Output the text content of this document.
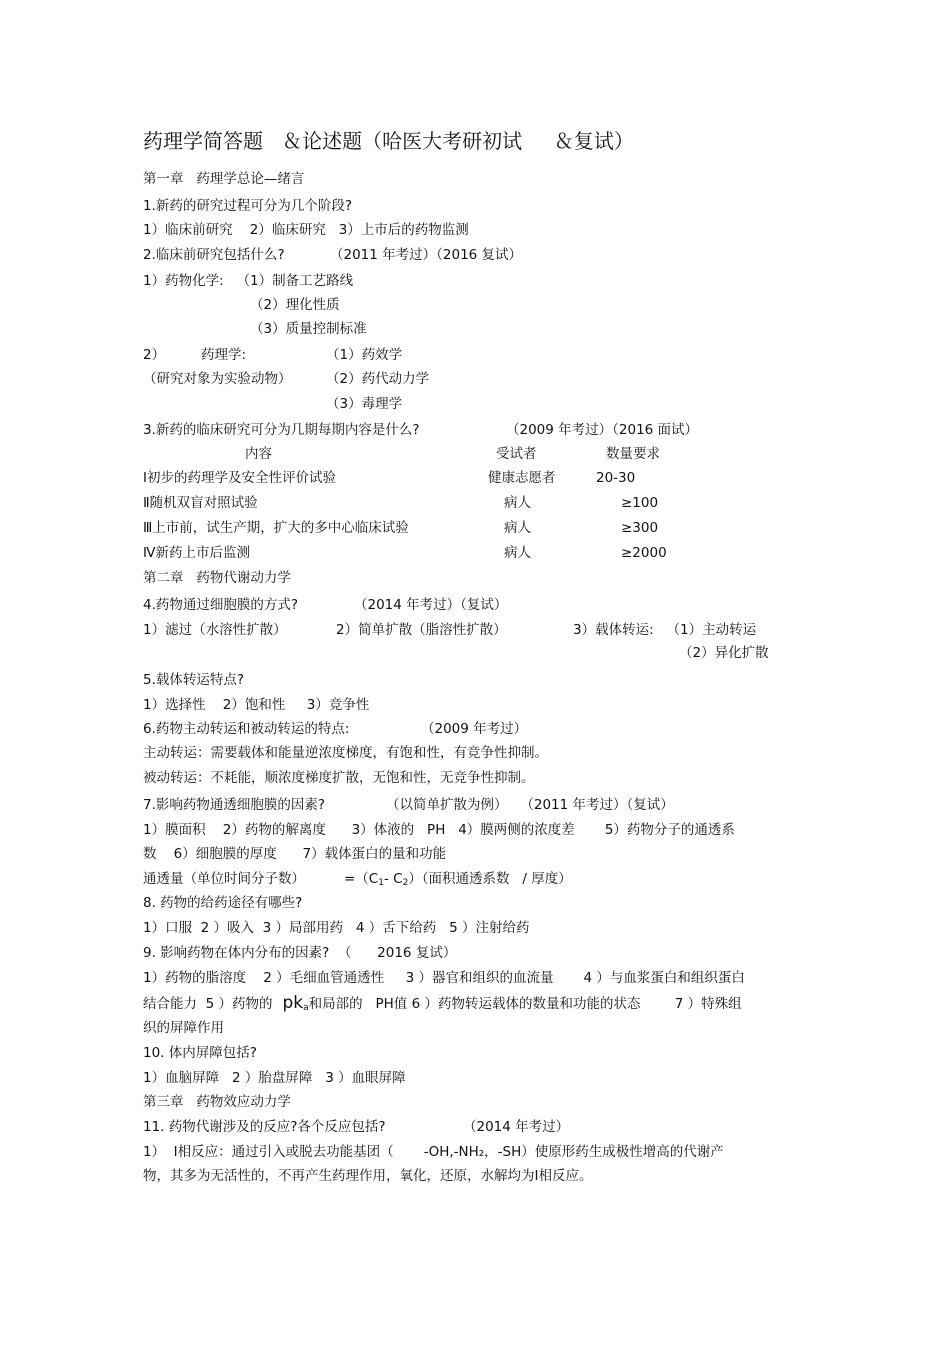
药理学简答题   ＆论述题（哈医大考研初试     ＆复试）
第一章   药理学总论—绪言
1.新药的研究过程可分为几个阶段?
1）临床前研究    2）临床研究   3）上市后的药物监测
2.临床前研究包括什么?	（2011 年考过）（2016 复试）
1）药物化学:   （1）制备工艺路线
（2）理化性质
（3）质量控制标准
2）	药理学:	（1）药效学
（研究对象为实验动物）	（2）药代动力学
（3）毒理学
3.新药的临床研究可分为几期每期内容是什么?	（2009 年考过）（2016 面试）
内容	受试者	数量要求
Ⅰ初步的药理学及安全性评价试验	健康志愿者	20-30
Ⅱ随机双盲对照试验	病人	≥100
Ⅲ上市前，试生产期，扩大的多中心临床试验	病人	≥300
Ⅳ新药上市后监测	病人	≥2000
第二章   药物代谢动力学
4.药物通过细胞膜的方式?	（2014 年考过）（复试）
1）滤过（水溶性扩散）	2）简单扩散（脂溶性扩散）	3）载体转运:   （1）主动转运
（2）异化扩散
5.载体转运特点?
1）选择性    2）饱和性     3）竞争性
6.药物主动转运和被动转运的特点:	（2009 年考过）
主动转运：需要载体和能量逆浓度梯度，有饱和性，有竞争性抑制。
被动转运：不耗能，顺浓度梯度扩散，无饱和性，无竞争性抑制。
7.影响药物通透细胞膜的因素?	（以简单扩散为例）   （2011 年考过）（复试）
1）膜面积    2）药物的解离度      3）体液的   PH   4）膜两侧的浓度差       5）药物分子的通透系
数    6）细胞膜的厚度      7）载体蛋白的量和功能
通透量（单位时间分子数）	$=(C_1-$ $C_2$）（面积通透系数   / 厚度）
8. 药物的给药途径有哪些?
1）口服  2 ）吸入  3 ）局部用药   4 ）舌下给药   5 ）注射给药
9. 影响药物在体内分布的因素?  （      2016 复试）
1）药物的脂溶度    2 ）毛细血管通透性     3 ）器官和组织的血流量       4 ）与血浆蛋白和组织蛋白
结合能力  5 ）药物的 $pk_a$和局部的   PH值 6 ）药物转运载体的数量和功能的状态        7 ）特殊组
织的屏障作用
10. 体内屏障包括?
1）血脑屏障   2 ）胎盘屏障   3 ）血眼屏障
第三章   药物效应动力学
11. 药物代谢涉及的反应?各个反应包括?	（2014 年考过）
1）  Ⅰ相反应：通过引入或脱去功能基团（       -OH,-NH₂，-SH）使原形药生成极性增高的代谢产
物，其多为无活性的，不再产生药理作用，氧化，还原，水解均为Ⅰ相反应。
